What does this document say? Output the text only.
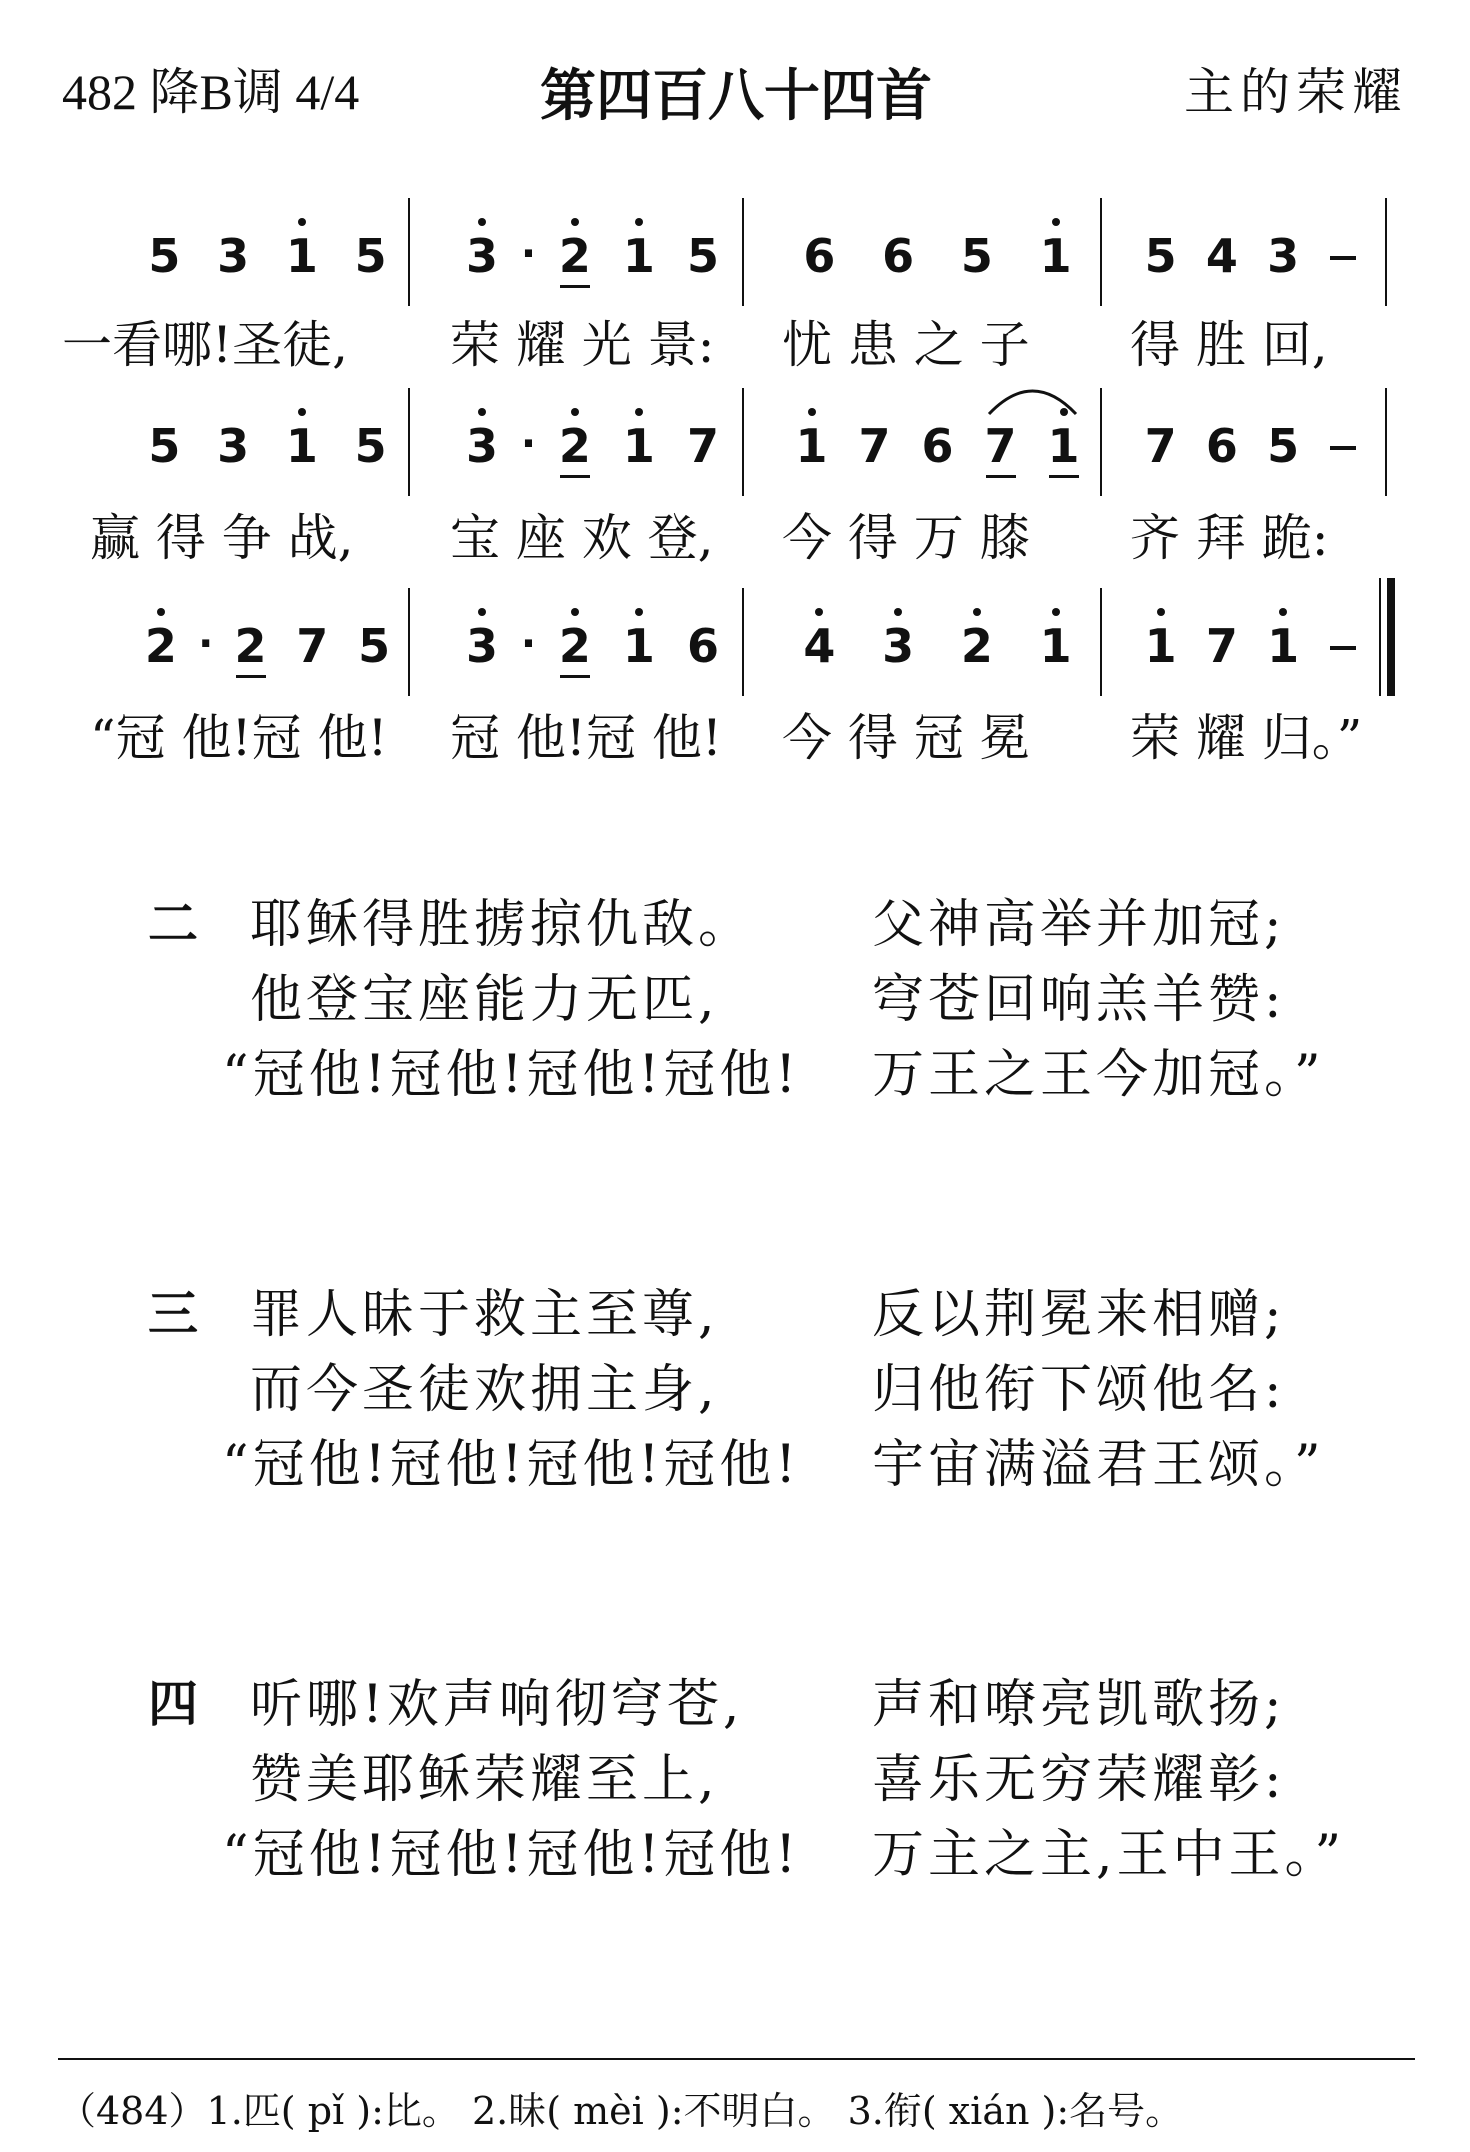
482 降B调 4/4	第四百八十四首	主的荣耀
5 3 1 5 3 · 2 1 5 6 6 5 1 5 4 3
一看哪!圣徒, 荣 耀 光 景: 忧 患 之 子 得 胜 回,
5 3 1 5 3 · 2 1 7 1 7 6 7 1 7 6 5
赢 得 争 战, 宝 座 欢 登, 今 得 万 膝 齐 拜 跪:
2 · 2 7 5 3 · 2 1 6 4 3 2 1 1 7 1
“冠 他!冠 他! 冠 他!冠 他! 今 得 冠 冕 荣 耀 归。”
二 耶稣得胜掳掠仇敌。
他登宝座能力无匹,
“冠他!冠他!冠他!冠他!
父神高举并加冠;
穹苍回响羔羊赞:
万王之王今加冠。”
三 罪人昧于救主至尊,
而今圣徒欢拥主身,
“冠他!冠他!冠他!冠他!
反以荆冕来相赠;
归他衔下颂他名:
宇宙满溢君王颂。”
四 听哪!欢声响彻穹苍,
赞美耶稣荣耀至上,
“冠他!冠他!冠他!冠他!
声和嘹亮凯歌扬;
喜乐无穷荣耀彰:
万主之主,王中王。”
（484）1.匹( pǐ ):比。 2.昧( mèi ):不明白。 3.衔( xián ):名号。
